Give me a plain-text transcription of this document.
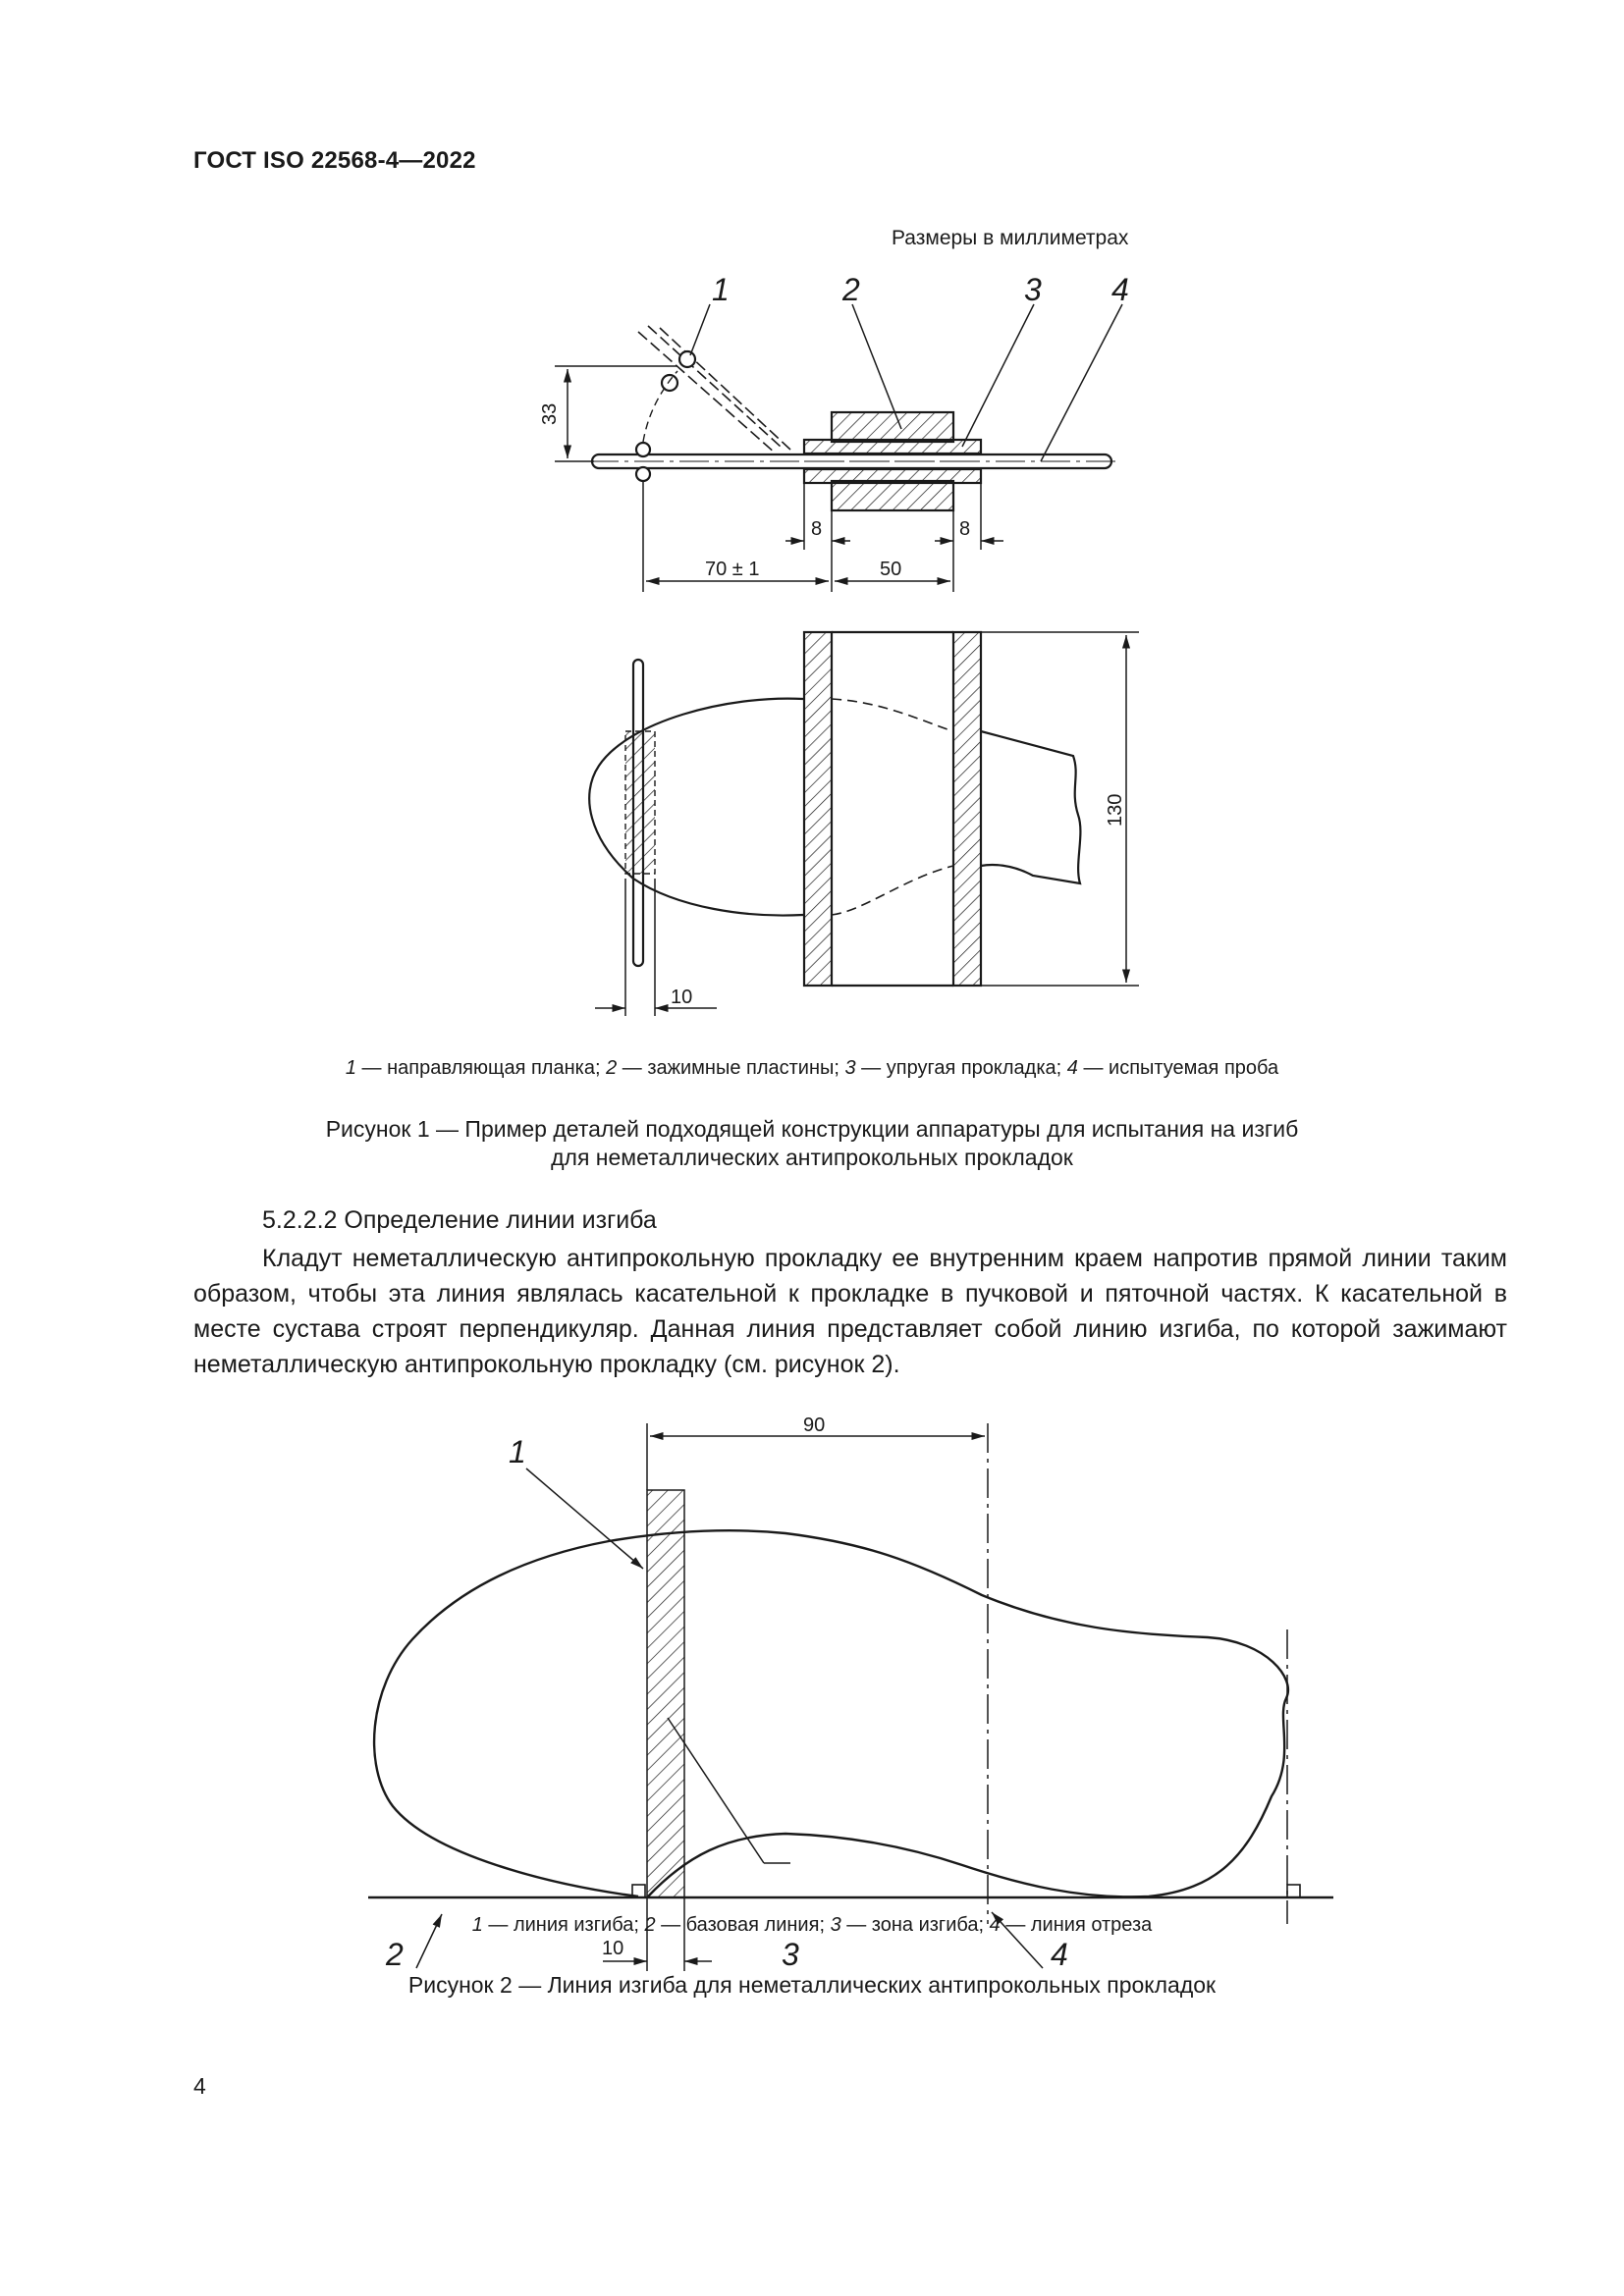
ГОСТ ISO 22568-4—2022
Размеры в миллиметрах
1	2	3 4
33
8	8
70 ± 1	50
130
10
1 — направляющая планка; 2 — зажимные пластины; 3 — упругая прокладка; 4 — испытуемая проба
Рисунок 1 — Пример деталей подходящей конструкции аппаратуры для испытания на изгиб
для неметаллических антипрокольных прокладок
5.2.2.2 Определение линии изгиба

Кладут неметаллическую антипрокольную прокладку ее внутренним краем напротив прямой линии таким образом, чтобы эта линия являлась касательной к прокладке в пучковой и пяточной частях. К касательной в месте сустава строят перпендикуляр. Данная линия представляет собой линию изгиба, по которой зажимают неметаллическую антипрокольную прокладку (см. рисунок 2).

1
2	3	4
90
10
1 — линия изгиба; 2 — базовая линия; 3 — зона изгиба; 4 — линия отреза
Рисунок 2 — Линия изгиба для неметаллических антипрокольных прокладок
4
